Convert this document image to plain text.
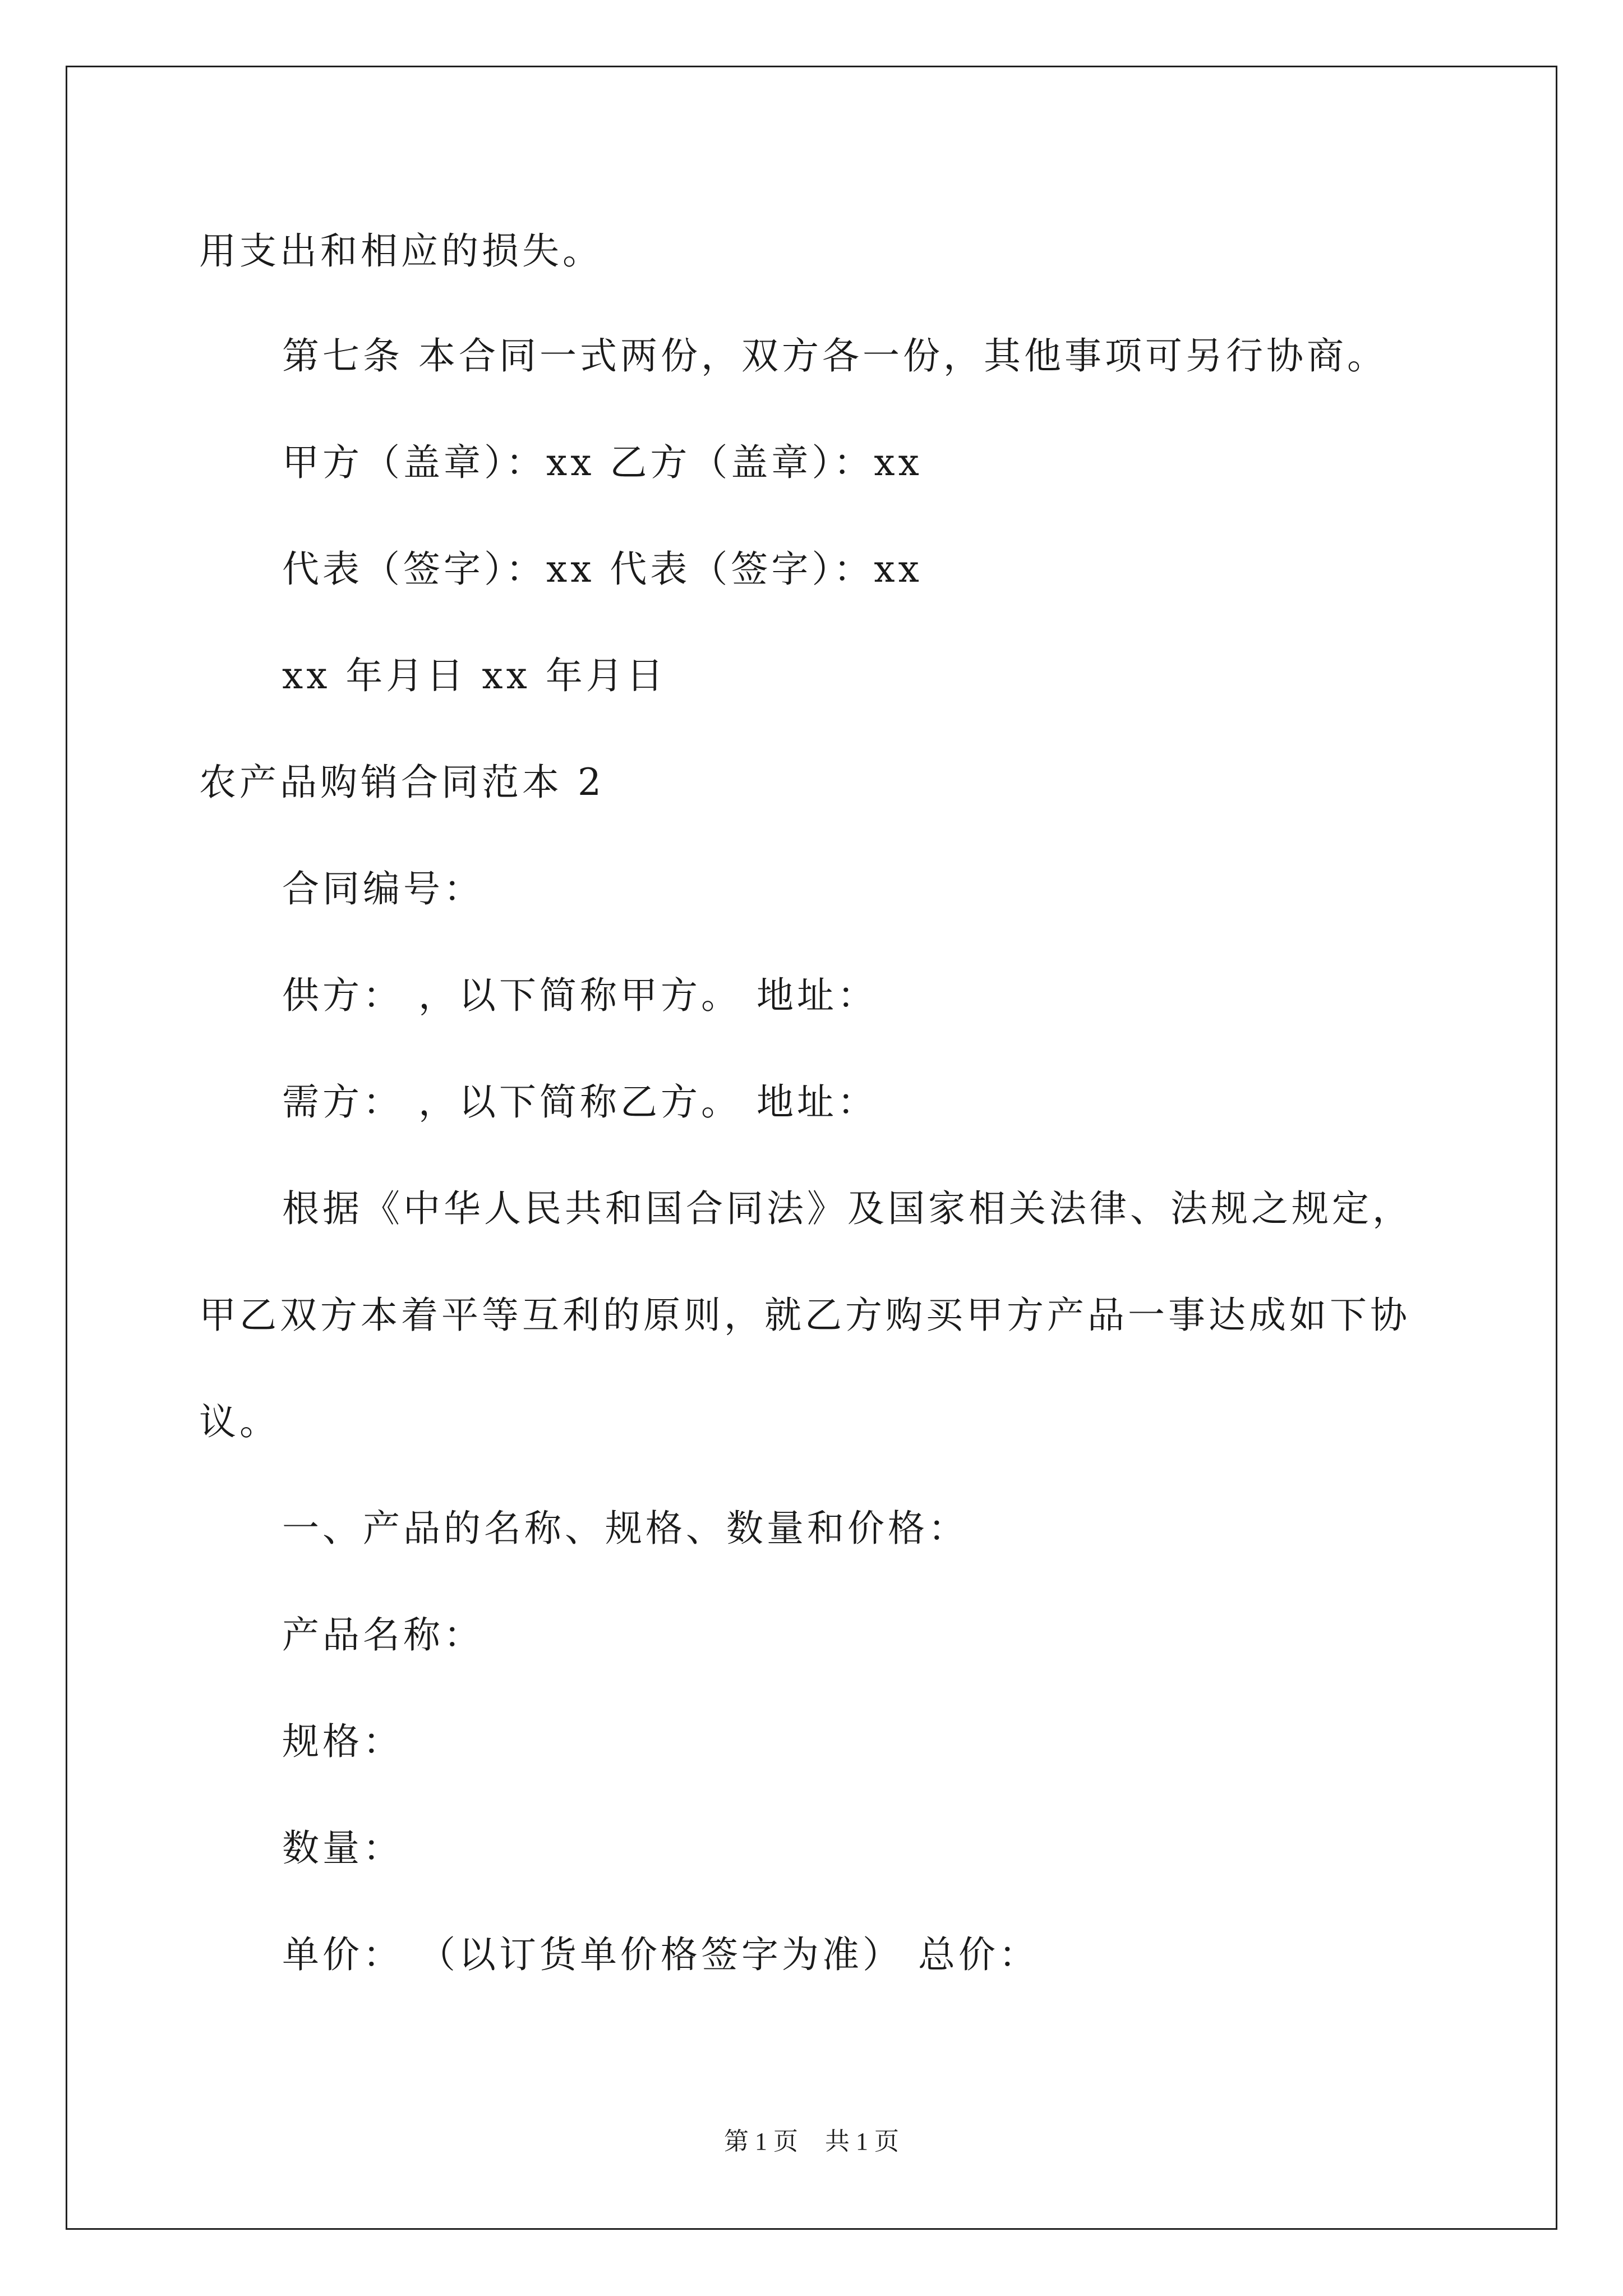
用支出和相应的损失。
第七条 本合同一式两份，双方各一份，其他事项可另行协商。
甲方（盖章）：xx 乙方（盖章）：xx
代表（签字）：xx 代表（签字）：xx
xx 年月日 xx 年月日
农产品购销合同范本 2
合同编号：
供方： ，以下简称甲方。 地址：
需方： ，以下简称乙方。 地址：
根据《中华人民共和国合同法》及国家相关法律、法规之规定，
甲乙双方本着平等互利的原则，就乙方购买甲方产品一事达成如下协
议。
一、产品的名称、规格、数量和价格：
产品名称：
规格：
数量：
单价： （以订货单价格签字为准） 总价：
第 1 页 共 1 页
